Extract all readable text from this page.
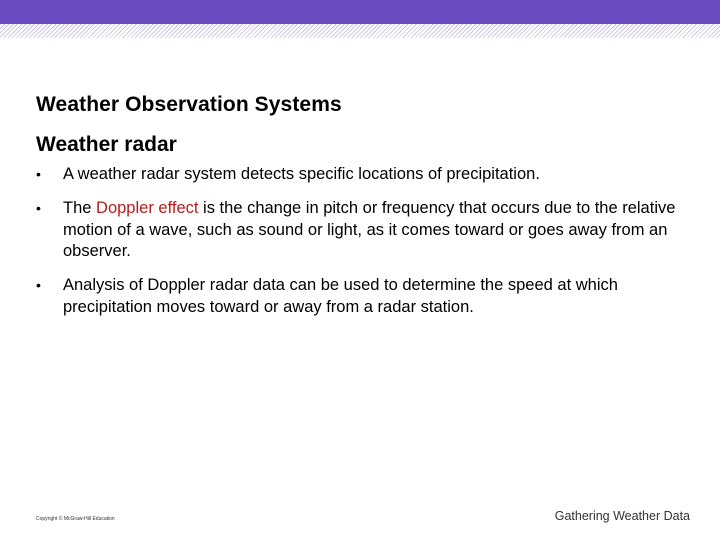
Weather Observation Systems
Weather radar
• A weather radar system detects specific locations of precipitation.
• The Doppler effect is the change in pitch or frequency that occurs due to the relative motion of a wave, such as sound or light, as it comes toward or goes away from an observer.
• Analysis of Doppler radar data can be used to determine the speed at which precipitation moves toward or away from a radar station.
Copyright © McGraw-Hill Education	Gathering Weather Data
